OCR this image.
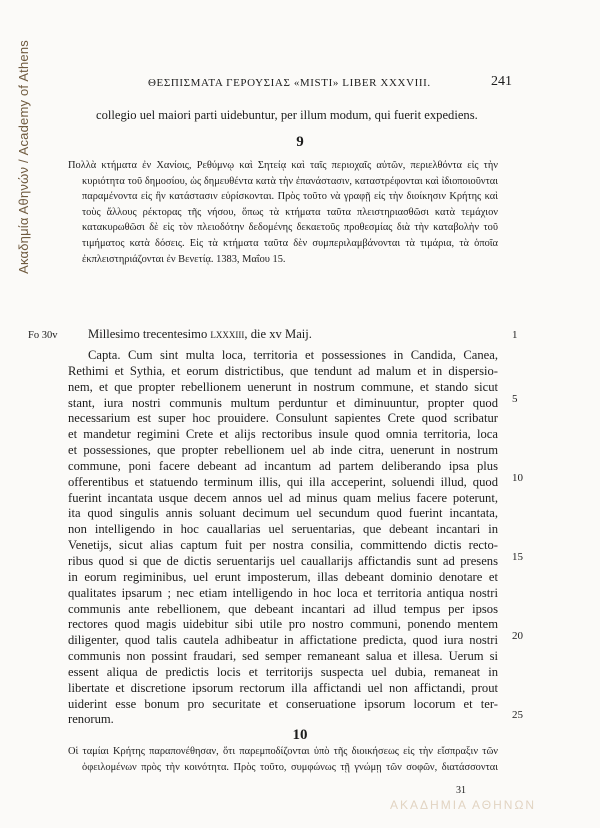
Ακαδημία Αθηνών / Academy of Athens	ΘΕΣΠΙΣΜΑΤΑ ΓΕΡΟΥΣΙΑΣ «MISTI» LIBER XXXVIII.	241
collegio uel maiori parti uidebuntur, per illum modum, qui fuerit expediens.
9
Πολλὰ κτήματα ἐν Χανίοις, Ρεθύμνῳ καὶ Σητείᾳ καὶ ταῖς περιοχαῖς αὐτῶν, περιελθόντα εἰς τὴν
κυριότητα τοῦ δημοσίου, ὡς δημευθέντα κατὰ τὴν ἐπανάστασιν, καταστρέφονται καὶ ἰδιοποιοῦνται
παραμένοντα εἰς ἣν κατάστασιν εὑρίσκονται. Πρὸς τοῦτο νὰ γραφῇ εἰς τὴν διοίκησιν Κρήτης καὶ
τοὺς ἄλλους ρέκτορας τῆς νήσου, ὅπως τὰ κτήματα ταῦτα πλειστηριασθῶσι κατὰ τεμάχιον
κατακυρωθῶσι δὲ εἰς τὸν πλειοδότην δεδομένης δεκαετοῦς προθεσμίας διὰ τὴν καταβολὴν τοῦ
τιμήματος κατὰ δόσεις. Εἰς τὰ κτήματα ταῦτα δὲν συμπεριλαμβάνονται τὰ τιμάρια, τὰ ὁποῖα
ἐκπλειστηριάζονται ἐν Βενετίᾳ. 1383, Μαΐου 15.
Fo 30v Millesimo trecentesimo lxxxiii, die xv Maij.
Capta. Cum sint multa loca, territoria et possessiones in Candida, Canea,
Rethimi et Sythia, et eorum districtibus, que tendunt ad malum et in dispersio-
nem, et que propter rebellionem uenerunt in nostrum commune, et stando sicut
stant, iura nostri communis multum perduntur et diminuuntur, propter quod
necessarium est super hoc prouidere. Consulunt sapientes Crete quod scribatur
et mandetur regimini Crete et alijs rectoribus insule quod omnia territoria, loca
et possessiones, que propter rebellionem uel ab inde citra, uenerunt in nostrum
commune, poni facere debeant ad incantum ad partem deliberando ipsa plus
offerentibus et statuendo terminum illis, qui illa acceperint, soluendi illud, quod
fuerint incantata usque decem annos uel ad minus quam melius facere poterunt,
ita quod singulis annis soluant decimum uel secundum quod fuerint incantata,
non intelligendo in hoc cauallarias uel seruentarias, que debeant incantari in
Venetijs, sicut alias captum fuit per nostra consilia, committendo dictis recto-
ribus quod si que de dictis seruentarijs uel cauallarijs affictandis sunt ad presens
in eorum regiminibus, uel erunt imposterum, illas debeant dominio denotare et
qualitates ipsarum ; nec etiam intelligendo in hoc loca et territoria antiqua nostri
communis ante rebellionem, que debeant incantari ad illud tempus per ipsos
rectores quod magis uidebitur sibi utile pro nostro communi, ponendo mentem
diligenter, quod talis cautela adhibeatur in affictatione predicta, quod iura nostri
communis non possint fraudari, sed semper remaneant salua et illesa. Uerum si
essent aliqua de predictis locis et territorijs suspecta uel dubia, remaneat in
libertate et discretione ipsorum rectorum illa affictandi uel non affictandi, prout
uiderint esse bonum pro securitate et conseruatione ipsorum locorum et ter-
renorum.
1
5
10
15
20
25
10
Οἱ ταμίαι Κρήτης παραπονέθησαν, ὅτι παρεμποδίζονται ὑπὸ τῆς διοικήσεως εἰς τὴν εἴσπραξιν τῶν
ὀφειλομένων πρὸς τὴν κοινότητα. Πρὸς τοῦτο, συμφώνως τῇ γνώμῃ τῶν σοφῶν, διατάσσονται
31
ΑΚΑΔΗΜΙΑ ΑΘΗΝΩΝ
